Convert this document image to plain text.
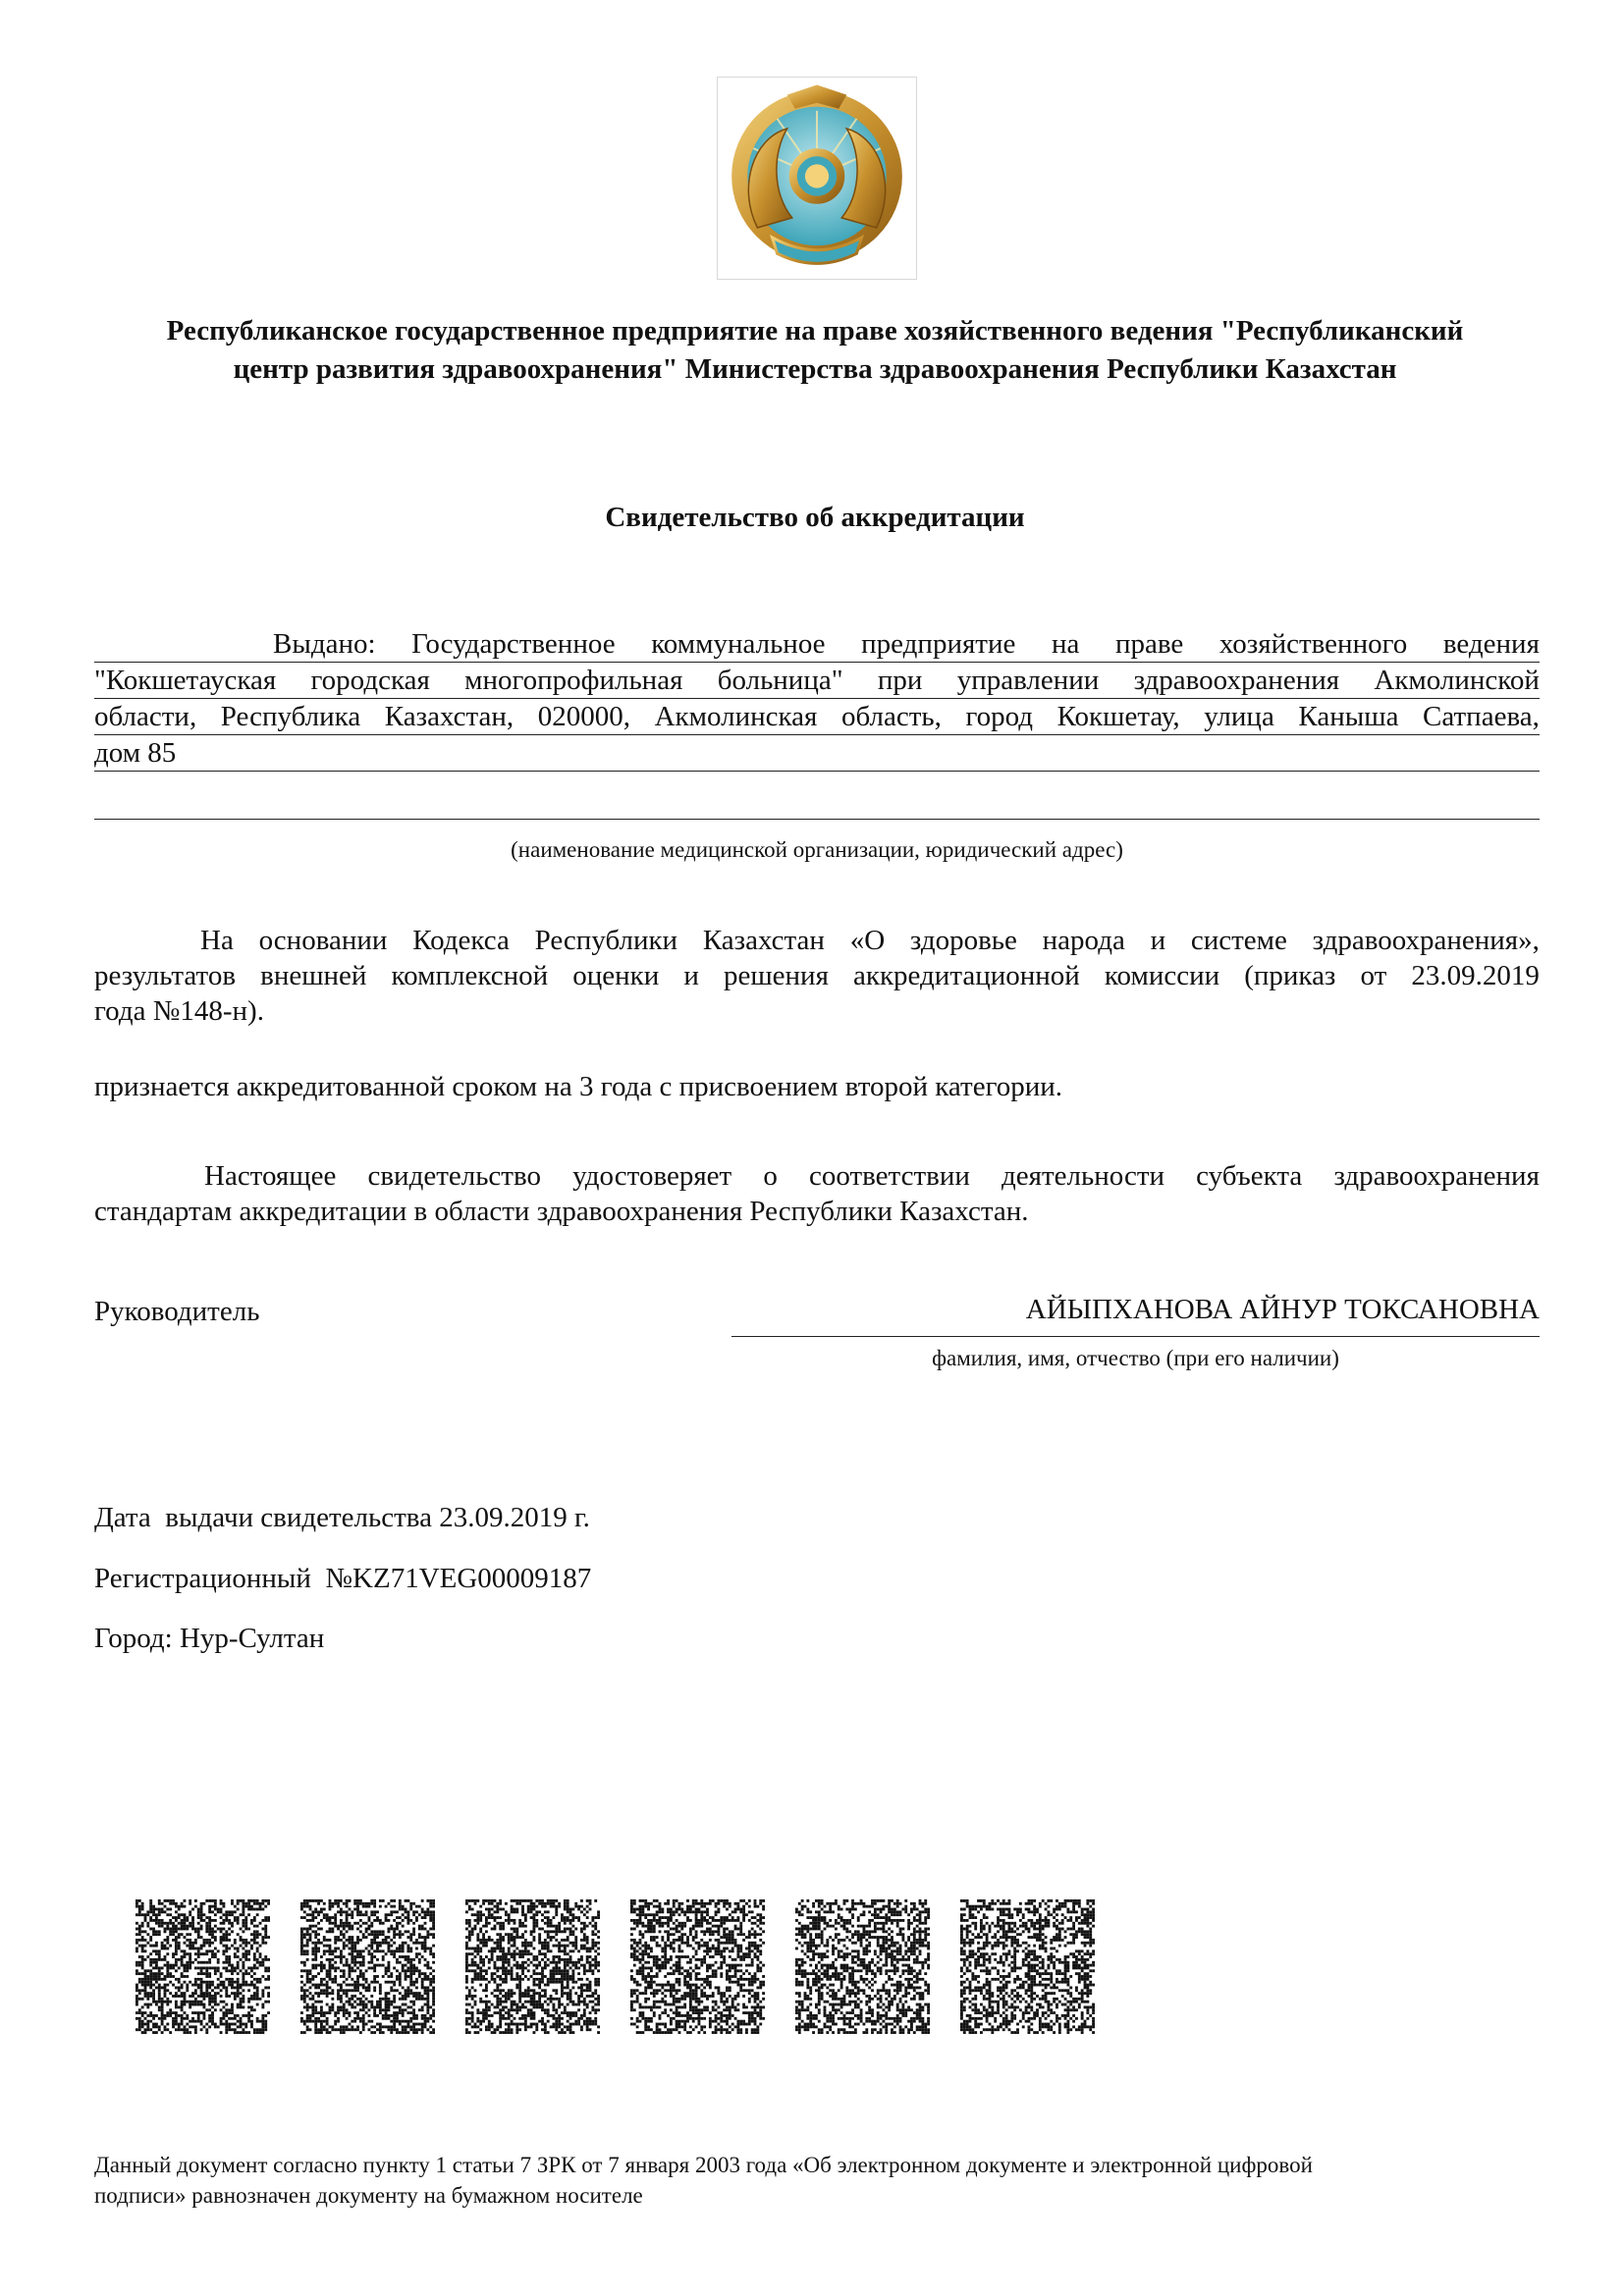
Республиканское государственное предприятие на праве хозяйственного ведения "Республиканский
центр развития здравоохранения" Министерства здравоохранения Республики Казахстан
Свидетельство об аккредитации
Выдано: Государственное коммунальное предприятие на праве хозяйственного ведения
"Кокшетауская городская многопрофильная больница" при управлении здравоохранения Акмолинской
области, Республика Казахстан, 020000, Акмолинская область, город Кокшетау, улица Каныша Сатпаева,
дом 85
(наименование медицинской организации, юридический адрес)
На основании Кодекса Республики Казахстан «О здоровье народа и системе здравоохранения»,
результатов внешней комплексной оценки и решения аккредитационной комиссии (приказ от 23.09.2019
года №148-н).
признается аккредитованной сроком на 3 года с присвоением второй категории.
Настоящее свидетельство удостоверяет о соответствии деятельности субъекта здравоохранения
стандартам аккредитации в области здравоохранения Республики Казахстан.
Руководитель	АЙЫПХАНОВА АЙНУР ТОКСАНОВНА
фамилия, имя, отчество (при его наличии)
Дата  выдачи свидетельства 23.09.2019 г.
Регистрационный  №KZ71VEG00009187
Город: Нур-Султан
Данный документ согласно пункту 1 статьи 7 ЗРК от 7 января 2003 года «Об электронном документе и электронной цифровой
подписи» равнозначен документу на бумажном носителе
